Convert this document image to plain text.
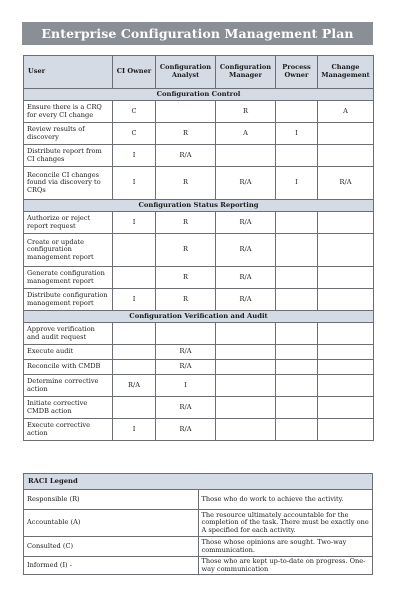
Enterprise Configuration Management Plan
User	CI Owner	Configuration Analyst	Configuration Manager	Process Owner	Change Management
Configuration Control					
Ensure there is a CRQ for every CI change	C		R		A
Review results of discovery	C	R	A	I	
Distribute report from CI changes	I	R/A			
Reconcile CI changes found via discovery to CRQs	I	R	R/A	I	R/A
Configuration Status Reporting					
Authorize or reject report request	I	R	R/A		
Create or update configuration management report		R	R/A		
Generate configuration management report		R	R/A		
Distribute configuration management report	I	R	R/A		
Configuration Verification and Audit					
Approve verification and audit request					
Execute audit		R/A			
Reconcile with CMDB		R/A			
Determine corrective action	R/A	I			
Initiate corrective CMDB action		R/A			
Execute corrective action	I	R/A			
RACI Legend	
Responsible (R)	Those who do work to achieve the activity.
Accountable (A)	The resource ultimately accountable for the completion of the task. There must be exactly one A specified for each activity.
Consulted (C)	Those whose opinions are sought. Two-way communication.
Informed (I) -	Those who are kept up-to-date on progress. One-way communication
